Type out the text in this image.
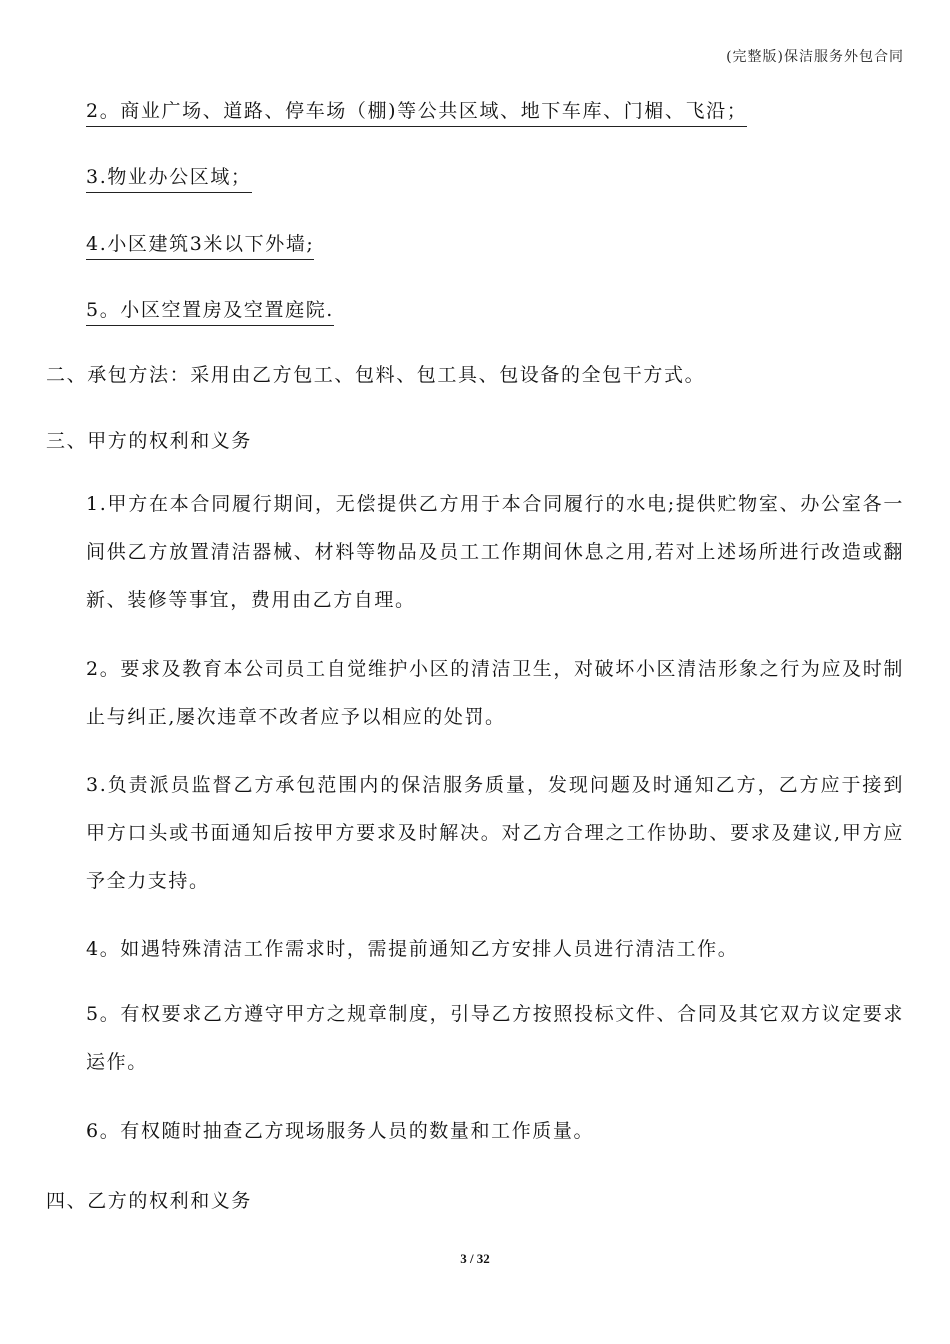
(完整版)保洁服务外包合同
2。商业广场、道路、停车场（棚)等公共区域、地下车库、门楣、飞沿；
3.物业办公区域；
4.小区建筑3米以下外墙;
5。小区空置房及空置庭院.
二、承包方法：采用由乙方包工、包料、包工具、包设备的全包干方式。
三、甲方的权利和义务
1.甲方在本合同履行期间，无偿提供乙方用于本合同履行的水电;提供贮物室、办公室各一间供乙方放置清洁器械、材料等物品及员工工作期间休息之用,若对上述场所进行改造或翻新、装修等事宜，费用由乙方自理。
2。要求及教育本公司员工自觉维护小区的清洁卫生，对破坏小区清洁形象之行为应及时制止与纠正,屡次违章不改者应予以相应的处罚。
3.负责派员监督乙方承包范围内的保洁服务质量，发现问题及时通知乙方，乙方应于接到甲方口头或书面通知后按甲方要求及时解决。对乙方合理之工作协助、要求及建议,甲方应予全力支持。
4。如遇特殊清洁工作需求时，需提前通知乙方安排人员进行清洁工作。
5。有权要求乙方遵守甲方之规章制度，引导乙方按照投标文件、合同及其它双方议定要求运作。
6。有权随时抽查乙方现场服务人员的数量和工作质量。
四、乙方的权利和义务
3 / 32
